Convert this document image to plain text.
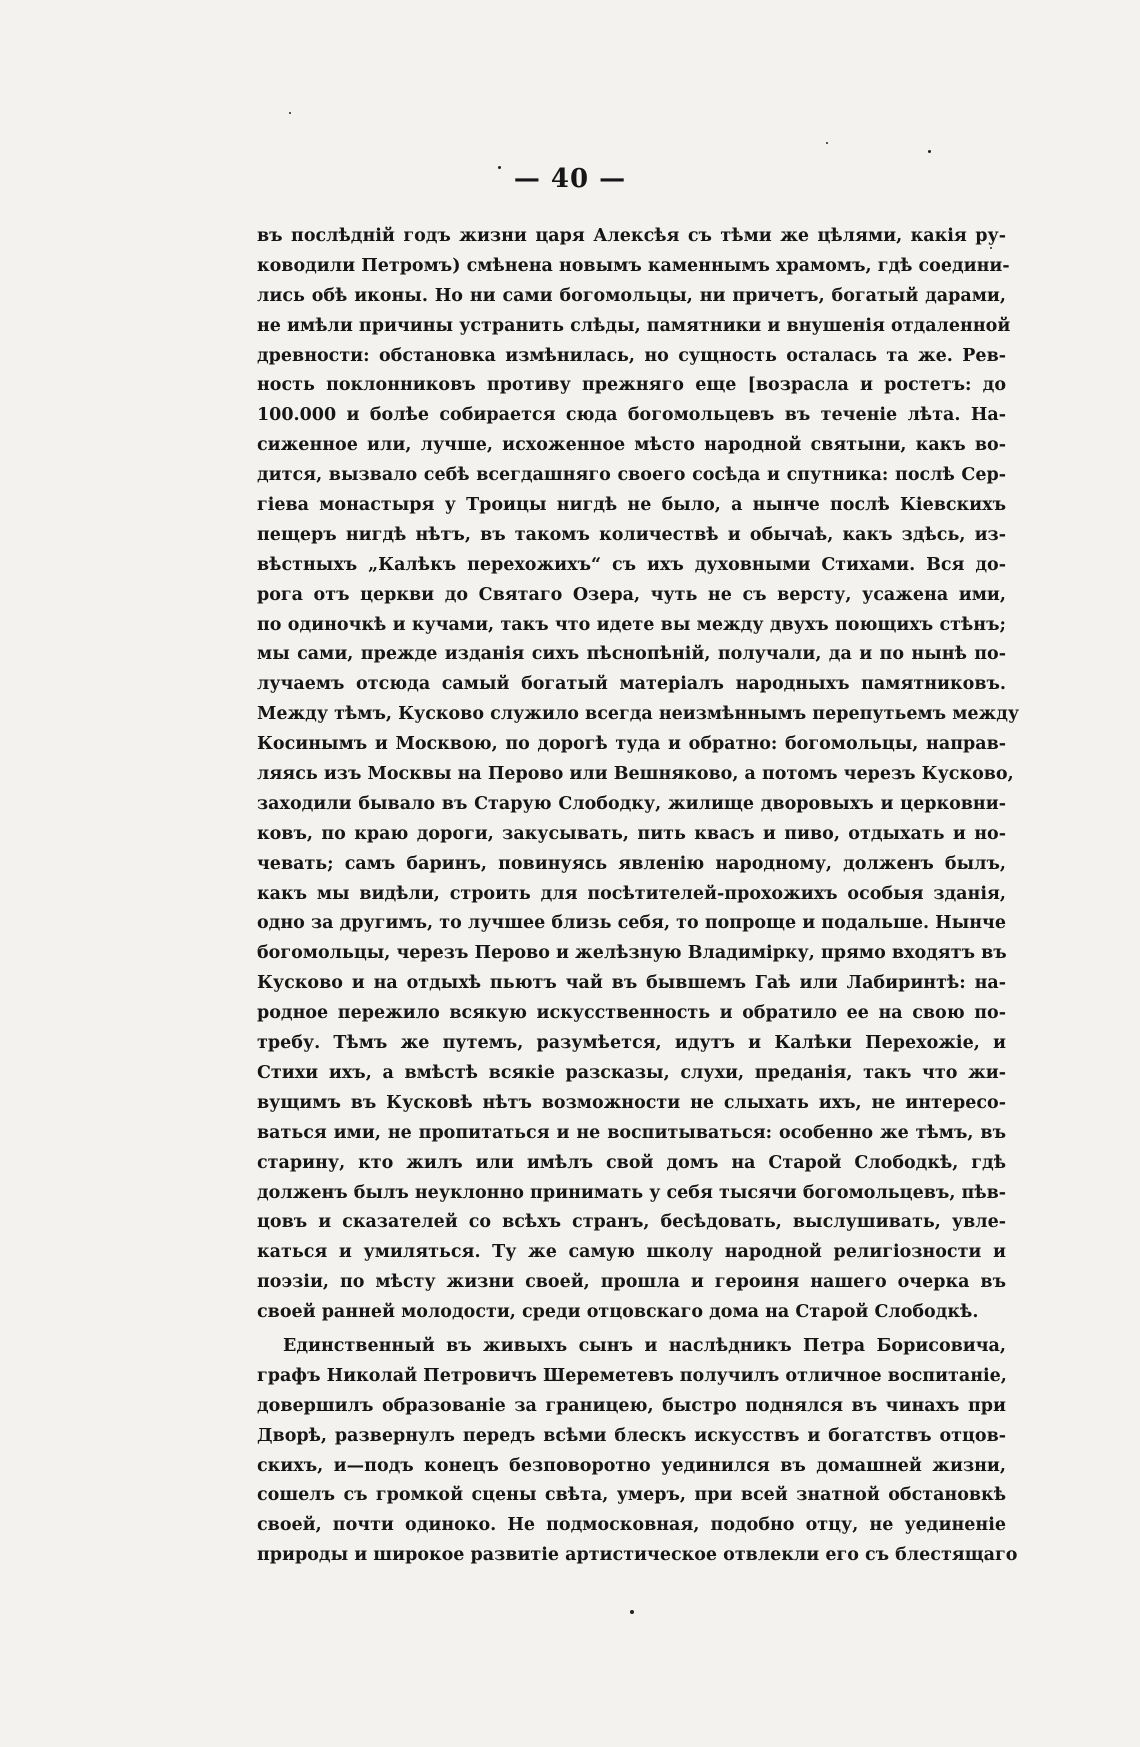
— 40 —
въ послѣдній годъ жизни царя Алексѣя съ тѣми же цѣлями, какія ру-
ководили Петромъ) смѣнена новымъ каменнымъ храмомъ, гдѣ соедини-
лись обѣ иконы. Но ни сами богомольцы, ни причетъ, богатый дарами,
не имѣли причины устранить слѣды, памятники и внушенія отдаленной
древности: обстановка измѣнилась, но сущность осталась та же. Рев-
ность поклонниковъ противу прежняго еще [возрасла и ростетъ: до
100.000 и болѣе собирается сюда богомольцевъ въ теченіе лѣта. На-
сиженное или, лучше, исхоженное мѣсто народной святыни, какъ во-
дится, вызвало себѣ всегдашняго своего сосѣда и спутника: послѣ Сер-
гіева монастыря у Троицы нигдѣ не было, а нынче послѣ Кіевскихъ
пещеръ нигдѣ нѣтъ, въ такомъ количествѣ и обычаѣ, какъ здѣсь, из-
вѣстныхъ „Калѣкъ перехожихъ“ съ ихъ духовными Стихами. Вся до-
рога отъ церкви до Святаго Озера, чуть не съ версту, усажена ими,
по одиночкѣ и кучами, такъ что идете вы между двухъ поющихъ стѣнъ;
мы сами, прежде изданія сихъ пѣснопѣній, получали, да и по нынѣ по-
лучаемъ отсюда самый богатый матеріалъ народныхъ памятниковъ.
Между тѣмъ, Кусково служило всегда неизмѣннымъ перепутьемъ между
Косинымъ и Москвою, по дорогѣ туда и обратно: богомольцы, направ-
ляясь изъ Москвы на Перово или Вешняково, а потомъ черезъ Кусково,
заходили бывало въ Старую Слободку, жилище дворовыхъ и церковни-
ковъ, по краю дороги, закусывать, пить квасъ и пиво, отдыхать и но-
чевать; самъ баринъ, повинуясь явленію народному, долженъ былъ,
какъ мы видѣли, строить для посѣтителей-прохожихъ особыя зданія,
одно за другимъ, то лучшее близь себя, то попроще и подальше. Нынче
богомольцы, черезъ Перово и желѣзную Владимірку, прямо входятъ въ
Кусково и на отдыхѣ пьютъ чай въ бывшемъ Гаѣ или Лабиринтѣ: на-
родное пережило всякую искусственность и обратило ее на свою по-
требу. Тѣмъ же путемъ, разумѣется, идутъ и Калѣки Перехожіе, и
Стихи ихъ, а вмѣстѣ всякіе разсказы, слухи, преданія, такъ что жи-
вущимъ въ Кусковѣ нѣтъ возможности не слыхать ихъ, не интересо-
ваться ими, не пропитаться и не воспитываться: особенно же тѣмъ, въ
старину, кто жилъ или имѣлъ свой домъ на Старой Слободкѣ, гдѣ
долженъ былъ неуклонно принимать у себя тысячи богомольцевъ, пѣв-
цовъ и сказателей со всѣхъ странъ, бесѣдовать, выслушивать, увле-
каться и умиляться. Ту же самую школу народной религіозности и
поэзіи, по мѣсту жизни своей, прошла и героиня нашего очерка въ
своей ранней молодости, среди отцовскаго дома на Старой Слободкѣ.
Единственный въ живыхъ сынъ и наслѣдникъ Петра Борисовича,
графъ Николай Петровичъ Шереметевъ получилъ отличное воспитаніе,
довершилъ образованіе за границею, быстро поднялся въ чинахъ при
Дворѣ, развернулъ передъ всѣми блескъ искусствъ и богатствъ отцов-
скихъ, и—подъ конецъ безповоротно уединился въ домашней жизни,
сошелъ съ громкой сцены свѣта, умеръ, при всей знатной обстановкѣ
своей, почти одиноко. Не подмосковная, подобно отцу, не уединеніе
природы и широкое развитіе артистическое отвлекли его съ блестящаго
